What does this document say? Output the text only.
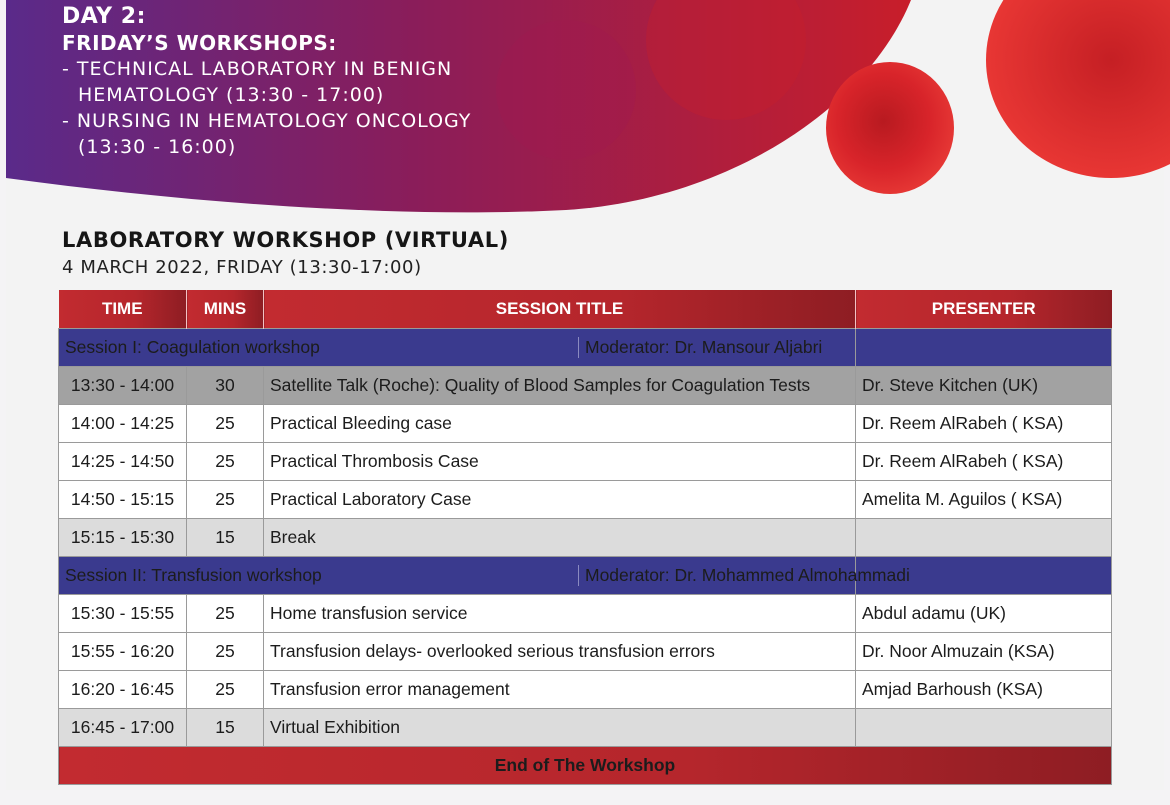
DAY 2:
FRIDAY’S WORKSHOPS:
- TECHNICAL LABORATORY IN BENIGN
HEMATOLOGY (13:30 - 17:00)
- NURSING IN HEMATOLOGY ONCOLOGY
(13:30 - 16:00)
LABORATORY WORKSHOP (VIRTUAL)
4 MARCH 2022, FRIDAY (13:30-17:00)
TIME	MINS	SESSION TITLE	PRESENTER
Session I: Coagulation workshop Moderator: Dr. Mansour Aljabri			
13:30 - 14:00	30	Satellite Talk (Roche): Quality of Blood Samples for Coagulation Tests	Dr. Steve Kitchen (UK)
14:00 - 14:25	25	Practical Bleeding case	Dr. Reem AlRabeh ( KSA)
14:25 - 14:50	25	Practical Thrombosis Case	Dr. Reem AlRabeh ( KSA)
14:50 - 15:15	25	Practical Laboratory Case	Amelita M. Aguilos ( KSA)
15:15 - 15:30	15	Break	
Session II: Transfusion workshop Moderator: Dr. Mohammed Almohammadi			
15:30 - 15:55	25	Home transfusion service	Abdul adamu (UK)
15:55 - 16:20	25	Transfusion delays- overlooked serious transfusion errors	Dr. Noor Almuzain (KSA)
16:20 - 16:45	25	Transfusion error management	Amjad Barhoush (KSA)
16:45 - 17:00	15	Virtual Exhibition	
End of The Workshop			
